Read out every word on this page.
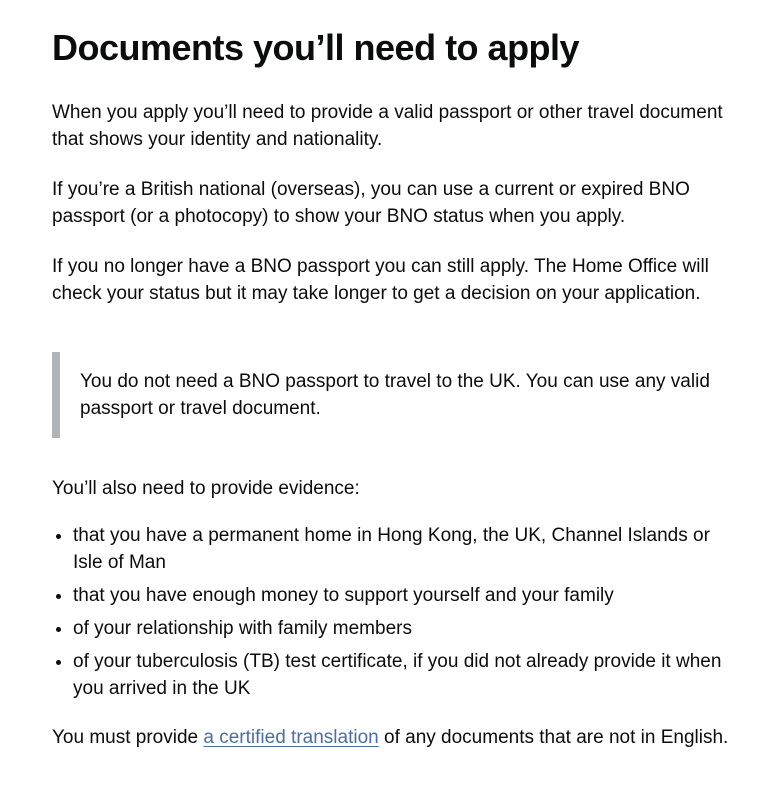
Documents you’ll need to apply

When you apply you’ll need to provide a valid passport or other travel document that shows your identity and nationality.

If you’re a British national (overseas), you can use a current or expired BNO passport (or a photocopy) to show your BNO status when you apply.

If you no longer have a BNO passport you can still apply. The Home Office will check your status but it may take longer to get a decision on your application.

You do not need a BNO passport to travel to the UK. You can use any valid passport or travel document.

You’ll also need to provide evidence:

• that you have a permanent home in Hong Kong, the UK, Channel Islands or Isle of Man
• that you have enough money to support yourself and your family
• of your relationship with family members
• of your tuberculosis (TB) test certificate, if you did not already provide it when you arrived in the UK

You must provide a certified translation of any documents that are not in English.
